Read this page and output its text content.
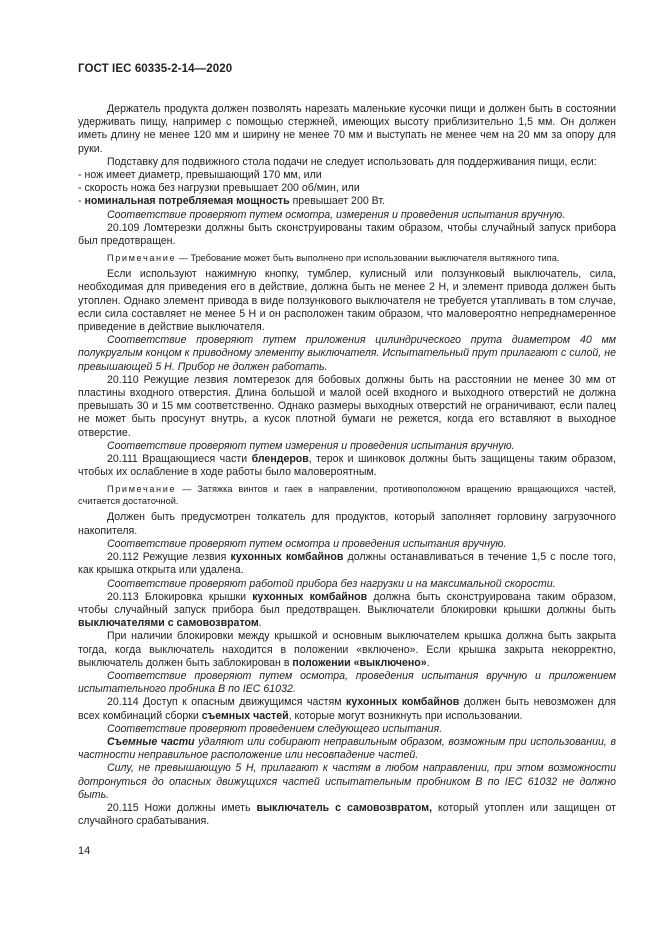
ГОСТ IEC 60335-2-14—2020

Держатель продукта должен позволять нарезать маленькие кусочки пищи и должен быть в состоянии удерживать пищу, например с помощью стержней, имеющих высоту приблизительно 1,5 мм. Он должен иметь длину не менее 120 мм и ширину не менее 70 мм и выступать не менее чем на 20 мм за опору для руки.

Подставку для подвижного стола подачи не следует использовать для поддерживания пищи, если:

- нож имеет диаметр, превышающий 170 мм, или

- скорость ножа без нагрузки превышает 200 об/мин, или

- номинальная потребляемая мощность превышает 200 Вт.

Соответствие проверяют путем осмотра, измерения и проведения испытания вручную.

20.109 Ломтерезки должны быть сконструированы таким образом, чтобы случайный запуск прибора был предотвращен.

Примечание — Требование может быть выполнено при использовании выключателя вытяжного типа.

Если используют нажимную кнопку, тумблер, кулисный или ползунковый выключатель, сила, необходимая для приведения его в действие, должна быть не менее 2 Н, и элемент привода должен быть утоплен. Однако элемент привода в виде ползункового выключателя не требуется утапливать в том случае, если сила составляет не менее 5 Н и он расположен таким образом, что маловероятно непреднамеренное приведение в действие выключателя.

Соответствие проверяют путем приложения цилиндрического прута диаметром 40 мм полукруглым концом к приводному элементу выключателя. Испытательный прут прилагают с силой, не превышающей 5 Н. Прибор не должен работать.

20.110 Режущие лезвия ломтерезок для бобовых должны быть на расстоянии не менее 30 мм от пластины входного отверстия. Длина большой и малой осей входного и выходного отверстий не должна превышать 30 и 15 мм соответственно. Однако размеры выходных отверстий не ограничивают, если палец не может быть просунут внутрь, а кусок плотной бумаги не режется, когда его вставляют в выходное отверстие.

Соответствие проверяют путем измерения и проведения испытания вручную.

20.111 Вращающиеся части блендеров, терок и шинковок должны быть защищены таким образом, чтобых их ослабление в ходе работы было маловероятным.

Примечание — Затяжка винтов и гаек в направлении, противоположном вращению вращающихся частей, считается достаточной.

Должен быть предусмотрен толкатель для продуктов, который заполняет горловину загрузочного накопителя.

Соответствие проверяют путем осмотра и проведения испытания вручную.

20.112 Режущие лезвия кухонных комбайнов должны останавливаться в течение 1,5 с после того, как крышка открыта или удалена.

Соответствие проверяют работой прибора без нагрузки и на максимальной скорости.

20.113 Блокировка крышки кухонных комбайнов должна быть сконструирована таким образом, чтобы случайный запуск прибора был предотвращен. Выключатели блокировки крышки должны быть выключателями с самовозвратом.

При наличии блокировки между крышкой и основным выключателем крышка должна быть закрыта тогда, когда выключатель находится в положении «включено». Если крышка закрыта некорректно, выключатель должен быть заблокирован в положении «выключено».

Соответствие проверяют путем осмотра, проведения испытания вручную и приложением испытательного пробника B по IEC 61032.

20.114 Доступ к опасным движущимся частям кухонных комбайнов должен быть невозможен для всех комбинаций сборки съемных частей, которые могут возникнуть при использовании.

Соответствие проверяют проведением следующего испытания.

Съемные части удаляют или собирают неправильным образом, возможным при использовании, в частности неправильное расположение или несовпадение частей.

Силу, не превышающую 5 Н, прилагают к частям в любом направлении, при этом возможности дотронуться до опасных движущихся частей испытательным пробником B по IEC 61032 не должно быть.

20.115 Ножи должны иметь выключатель с самовозвратом, который утоплен или защищен от случайного срабатывания.

14
